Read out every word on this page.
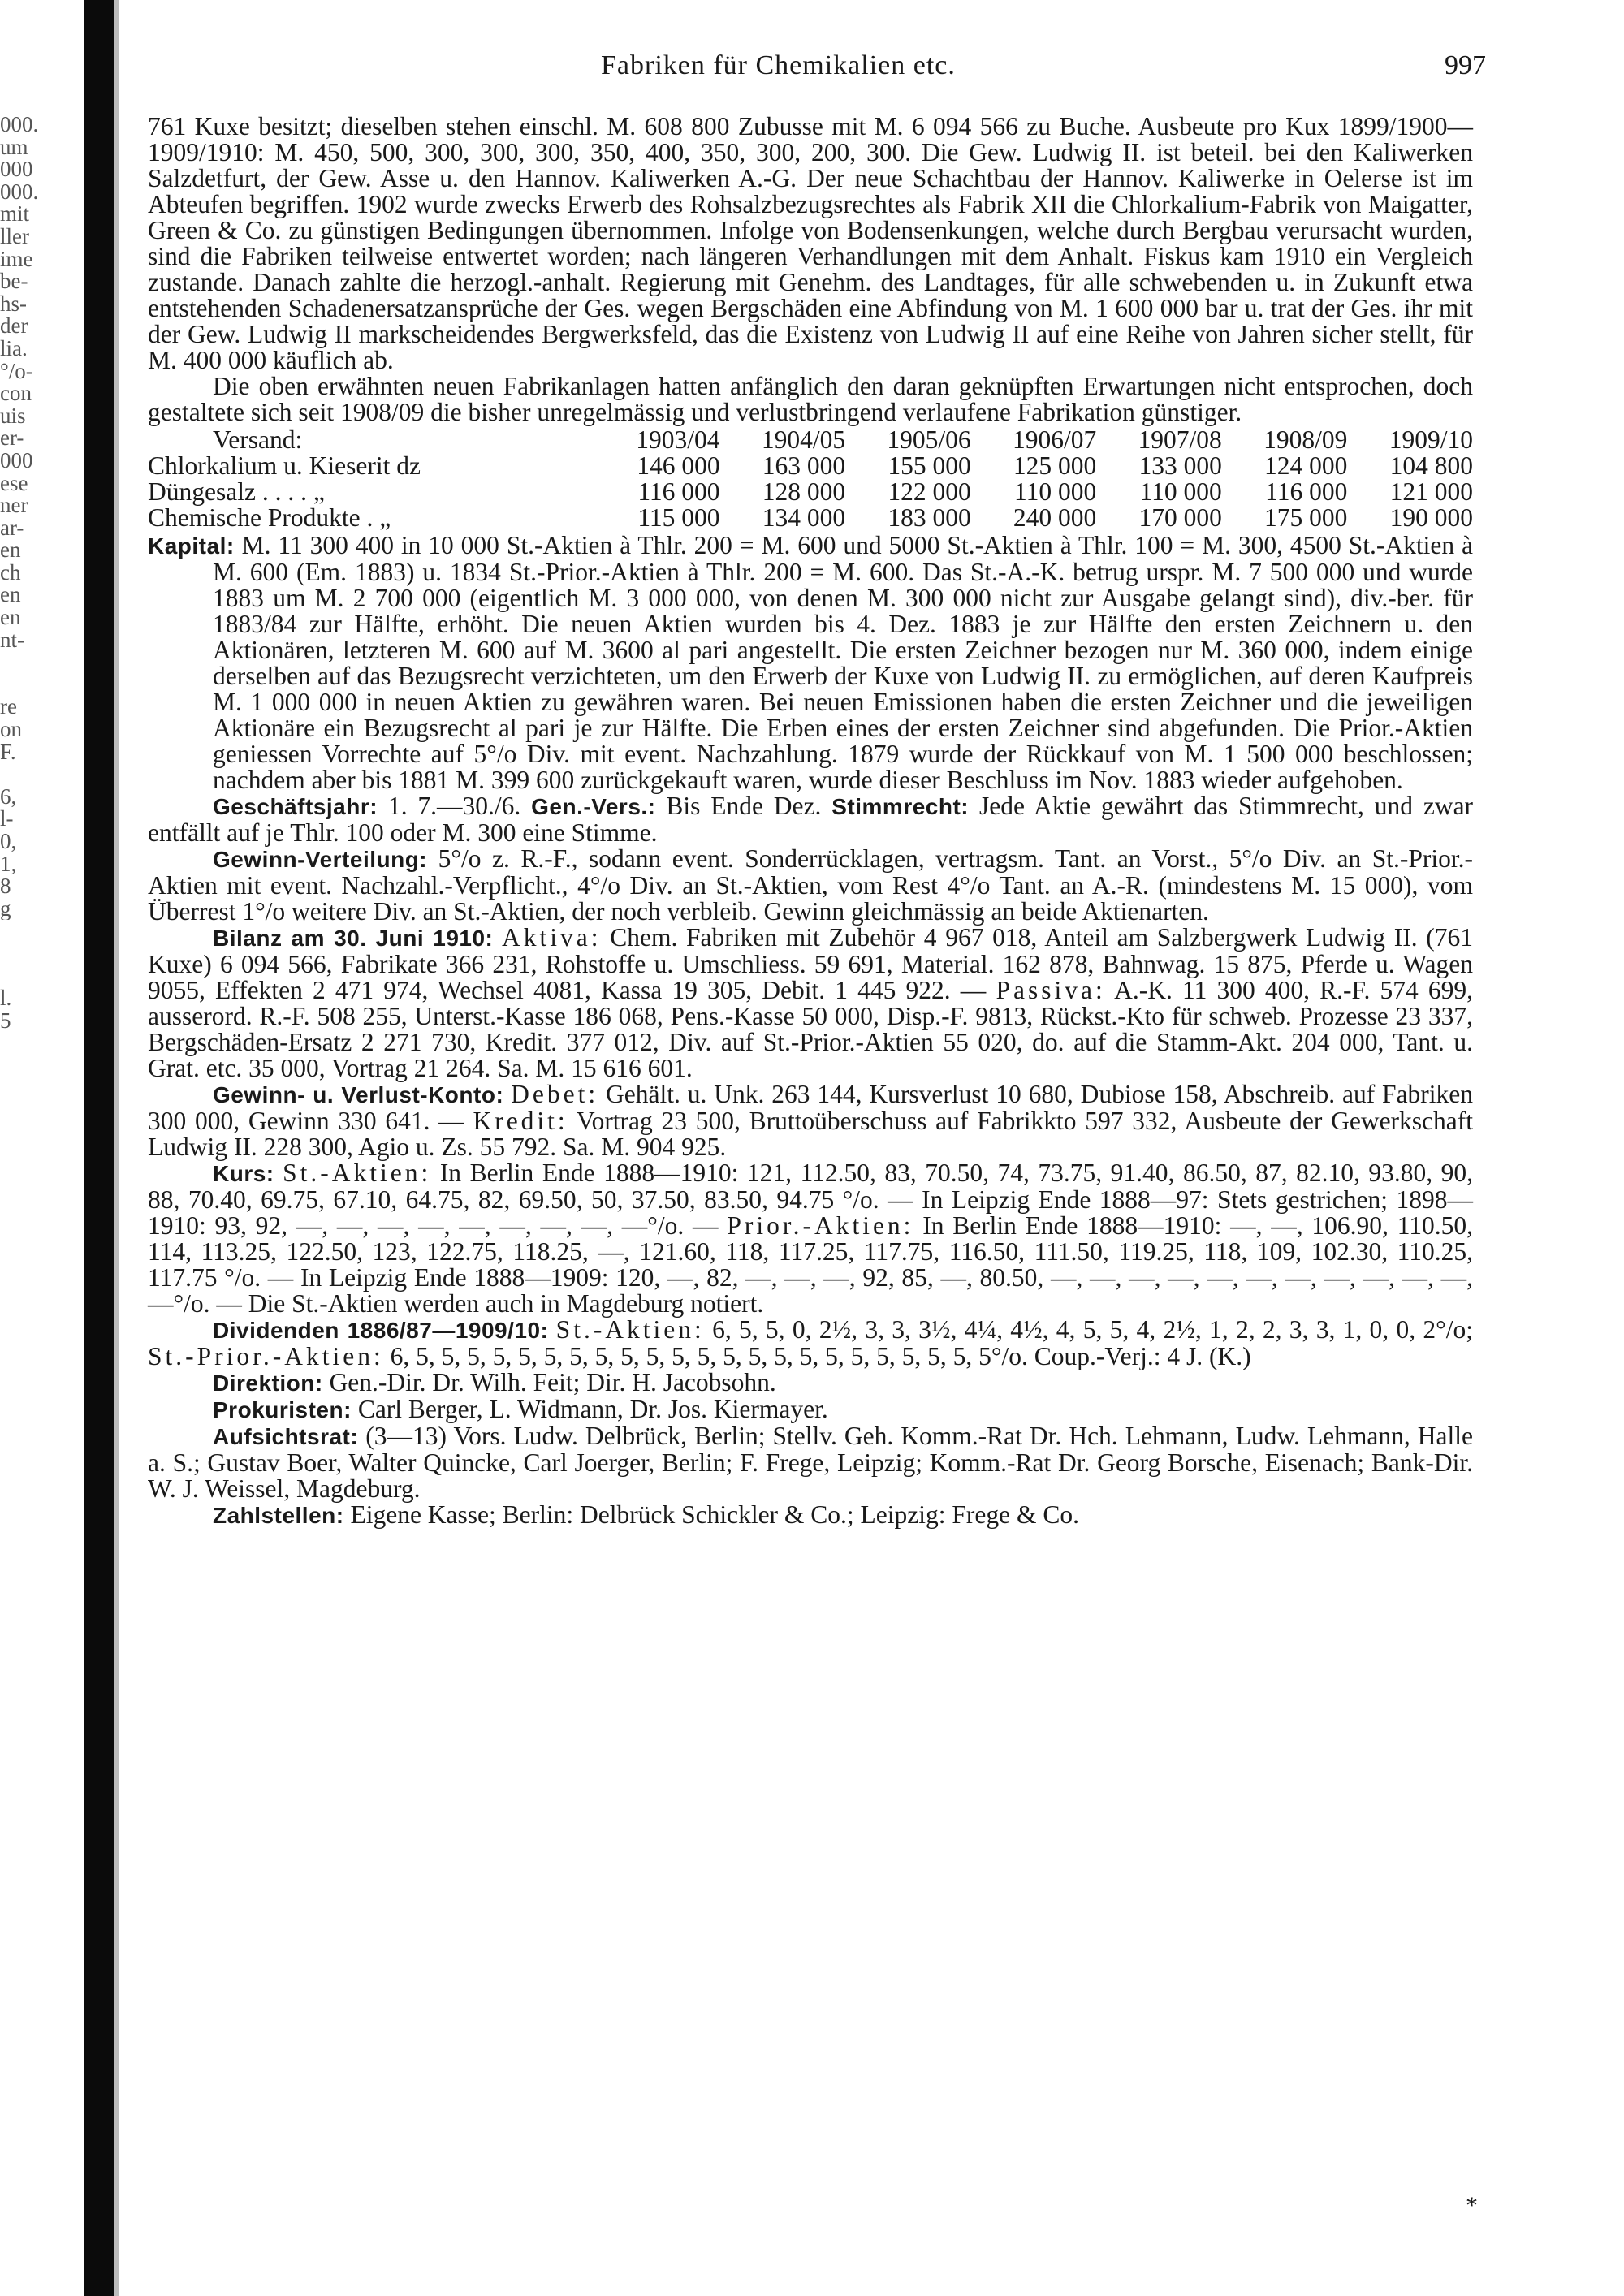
000.
um
000
000.
mit
ller
ime
be-
hs-
der
lia.
°/o-
con
uis
er-
000
ese
ner
ar-
en
ch
en
en
nt-
re
on
F.
6,
l-
0,
1,
8
g
l.
5
Fabriken für Chemikalien etc.	997

761 Kuxe besitzt; dieselben stehen einschl. M. 608 800 Zubusse mit M. 6 094 566 zu Buche. Ausbeute pro Kux 1899/1900—1909/1910: M. 450, 500, 300, 300, 300, 350, 400, 350, 300, 200, 300. Die Gew. Ludwig II. ist beteil. bei den Kaliwerken Salzdetfurt, der Gew. Asse u. den Hannov. Kaliwerken A.-G. Der neue Schachtbau der Hannov. Kaliwerke in Oelerse ist im Abteufen begriffen. 1902 wurde zwecks Erwerb des Rohsalzbezugsrechtes als Fabrik XII die Chlorkalium-Fabrik von Maigatter, Green & Co. zu günstigen Bedingungen übernommen. Infolge von Bodensenkungen, welche durch Bergbau verursacht wurden, sind die Fabriken teilweise entwertet worden; nach längeren Verhandlungen mit dem Anhalt. Fiskus kam 1910 ein Vergleich zustande. Danach zahlte die herzogl.-anhalt. Regierung mit Genehm. des Landtages, für alle schwebenden u. in Zukunft etwa entstehenden Schadenersatzansprüche der Ges. wegen Bergschäden eine Abfindung von M. 1 600 000 bar u. trat der Ges. ihr mit der Gew. Ludwig II markscheidendes Bergwerksfeld, das die Existenz von Ludwig II auf eine Reihe von Jahren sicher stellt, für M. 400 000 käuflich ab.

Die oben erwähnten neuen Fabrikanlagen hatten anfänglich den daran geknüpften Erwartungen nicht entsprochen, doch gestaltete sich seit 1908/09 die bisher unregelmässig und verlustbringend verlaufene Fabrikation günstiger.

Versand:	1903/04	1904/05	1905/06	1906/07	1907/08	1908/09	1909/10
Chlorkalium u. Kieserit dz	146 000	163 000	155 000	125 000	133 000	124 000	104 800
Düngesalz . . . . „	116 000	128 000	122 000	110 000	110 000	116 000	121 000
Chemische Produkte . „	115 000	134 000	183 000	240 000	170 000	175 000	190 000

Kapital: M. 11 300 400 in 10 000 St.-Aktien à Thlr. 200 = M. 600 und 5000 St.-Aktien à Thlr. 100 = M. 300, 4500 St.-Aktien à M. 600 (Em. 1883) u. 1834 St.-Prior.-Aktien à Thlr. 200 = M. 600. Das St.-A.-K. betrug urspr. M. 7 500 000 und wurde 1883 um M. 2 700 000 (eigentlich M. 3 000 000, von denen M. 300 000 nicht zur Ausgabe gelangt sind), div.-ber. für 1883/84 zur Hälfte, erhöht. Die neuen Aktien wurden bis 4. Dez. 1883 je zur Hälfte den ersten Zeichnern u. den Aktionären, letzteren M. 600 auf M. 3600 al pari angestellt. Die ersten Zeichner bezogen nur M. 360 000, indem einige derselben auf das Bezugsrecht verzichteten, um den Erwerb der Kuxe von Ludwig II. zu ermöglichen, auf deren Kaufpreis M. 1 000 000 in neuen Aktien zu gewähren waren. Bei neuen Emissionen haben die ersten Zeichner und die jeweiligen Aktionäre ein Bezugsrecht al pari je zur Hälfte. Die Erben eines der ersten Zeichner sind abgefunden. Die Prior.-Aktien geniessen Vorrechte auf 5°/o Div. mit event. Nachzahlung. 1879 wurde der Rückkauf von M. 1 500 000 beschlossen; nachdem aber bis 1881 M. 399 600 zurückgekauft waren, wurde dieser Beschluss im Nov. 1883 wieder aufgehoben.

Geschäftsjahr: 1. 7.—30./6. Gen.-Vers.: Bis Ende Dez. Stimmrecht: Jede Aktie gewährt das Stimmrecht, und zwar entfällt auf je Thlr. 100 oder M. 300 eine Stimme.

Gewinn-Verteilung: 5°/o z. R.-F., sodann event. Sonderrücklagen, vertragsm. Tant. an Vorst., 5°/o Div. an St.-Prior.-Aktien mit event. Nachzahl.-Verpflicht., 4°/o Div. an St.-Aktien, vom Rest 4°/o Tant. an A.-R. (mindestens M. 15 000), vom Überrest 1°/o weitere Div. an St.-Aktien, der noch verbleib. Gewinn gleichmässig an beide Aktienarten.

Bilanz am 30. Juni 1910: Aktiva: Chem. Fabriken mit Zubehör 4 967 018, Anteil am Salzbergwerk Ludwig II. (761 Kuxe) 6 094 566, Fabrikate 366 231, Rohstoffe u. Umschliess. 59 691, Material. 162 878, Bahnwag. 15 875, Pferde u. Wagen 9055, Effekten 2 471 974, Wechsel 4081, Kassa 19 305, Debit. 1 445 922. — Passiva: A.-K. 11 300 400, R.-F. 574 699, ausserord. R.-F. 508 255, Unterst.-Kasse 186 068, Pens.-Kasse 50 000, Disp.-F. 9813, Rückst.-Kto für schweb. Prozesse 23 337, Bergschäden-Ersatz 2 271 730, Kredit. 377 012, Div. auf St.-Prior.-Aktien 55 020, do. auf die Stamm-Akt. 204 000, Tant. u. Grat. etc. 35 000, Vortrag 21 264. Sa. M. 15 616 601.

Gewinn- u. Verlust-Konto: Debet: Gehält. u. Unk. 263 144, Kursverlust 10 680, Dubiose 158, Abschreib. auf Fabriken 300 000, Gewinn 330 641. — Kredit: Vortrag 23 500, Bruttoüberschuss auf Fabrikkto 597 332, Ausbeute der Gewerkschaft Ludwig II. 228 300, Agio u. Zs. 55 792. Sa. M. 904 925.

Kurs: St.-Aktien: In Berlin Ende 1888—1910: 121, 112.50, 83, 70.50, 74, 73.75, 91.40, 86.50, 87, 82.10, 93.80, 90, 88, 70.40, 69.75, 67.10, 64.75, 82, 69.50, 50, 37.50, 83.50, 94.75 °/o. — In Leipzig Ende 1888—97: Stets gestrichen; 1898—1910: 93, 92, —, —, —, —, —, —, —, —, —°/o. — Prior.-Aktien: In Berlin Ende 1888—1910: —, —, 106.90, 110.50, 114, 113.25, 122.50, 123, 122.75, 118.25, —, 121.60, 118, 117.25, 117.75, 116.50, 111.50, 119.25, 118, 109, 102.30, 110.25, 117.75 °/o. — In Leipzig Ende 1888—1909: 120, —, 82, —, —, —, 92, 85, —, 80.50, —, —, —, —, —, —, —, —, —, —, —, —°/o. — Die St.-Aktien werden auch in Magdeburg notiert.

Dividenden 1886/87—1909/10: St.-Aktien: 6, 5, 5, 0, 2½, 3, 3, 3½, 4¼, 4½, 4, 5, 5, 4, 2½, 1, 2, 2, 3, 3, 1, 0, 0, 2°/o; St.-Prior.-Aktien: 6, 5, 5, 5, 5, 5, 5, 5, 5, 5, 5, 5, 5, 5, 5, 5, 5, 5, 5, 5, 5, 5, 5, 5°/o. Coup.-Verj.: 4 J. (K.)

Direktion: Gen.-Dir. Dr. Wilh. Feit; Dir. H. Jacobsohn.

Prokuristen: Carl Berger, L. Widmann, Dr. Jos. Kiermayer.

Aufsichtsrat: (3—13) Vors. Ludw. Delbrück, Berlin; Stellv. Geh. Komm.-Rat Dr. Hch. Lehmann, Ludw. Lehmann, Halle a. S.; Gustav Boer, Walter Quincke, Carl Joerger, Berlin; F. Frege, Leipzig; Komm.-Rat Dr. Georg Borsche, Eisenach; Bank-Dir. W. J. Weissel, Magdeburg.

Zahlstellen: Eigene Kasse; Berlin: Delbrück Schickler & Co.; Leipzig: Frege & Co.

*
